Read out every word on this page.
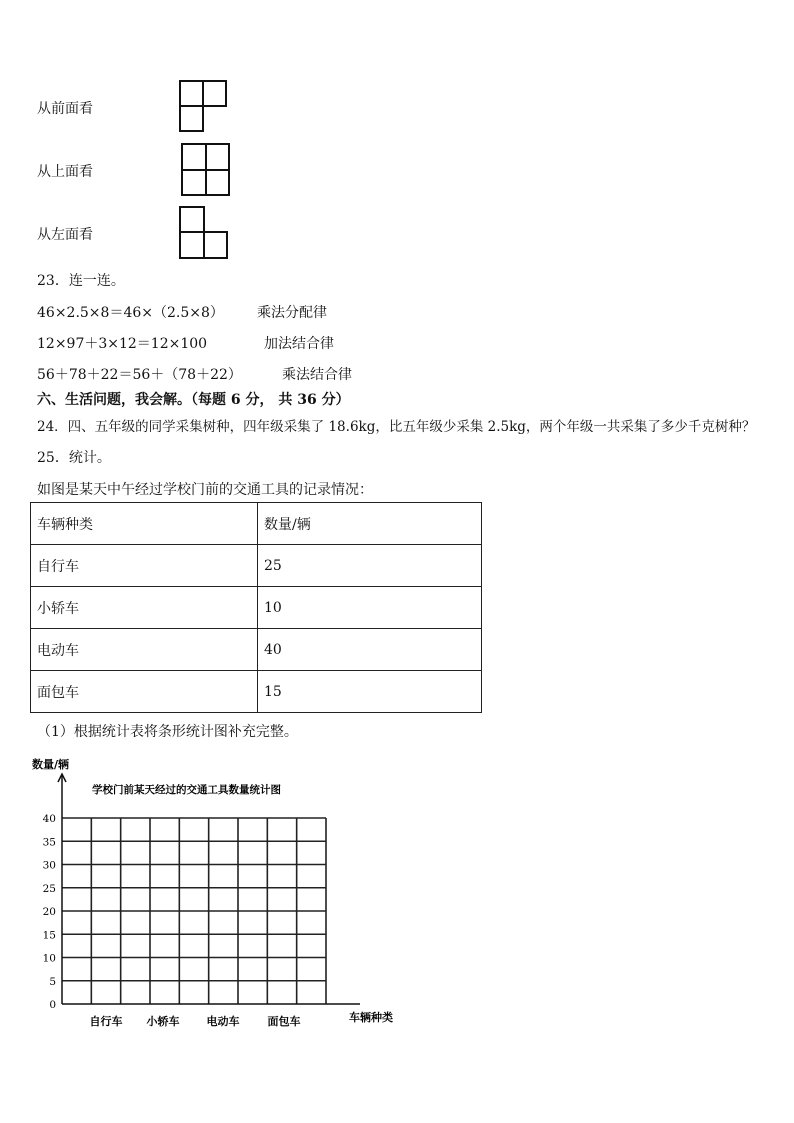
从前面看
从上面看
从左面看
23．连一连。
46×2.5×8＝46×（2.5×8） 乘法分配律
12×97＋3×12＝12×100	加法结合律
56＋78＋22＝56＋（78＋22）	乘法结合律
六、生活问题，我会解。（每题 6 分， 共 36 分）
24．四、五年级的同学采集树种，四年级采集了 18.6kg，比五年级少采集 2.5kg，两个年级一共采集了多少千克树种？
25．统计。
如图是某天中午经过学校门前的交通工具的记录情况：
车辆种类	数量/辆
自行车	25
小轿车	10
电动车	40
面包车	15
（1）根据统计表将条形统计图补充完整。
数量/辆
学校门前某天经过的交通工具数量统计图
0
5
10
15
20
25
30
35
40
自行车 小轿车 电动车	面包车	车辆种类
